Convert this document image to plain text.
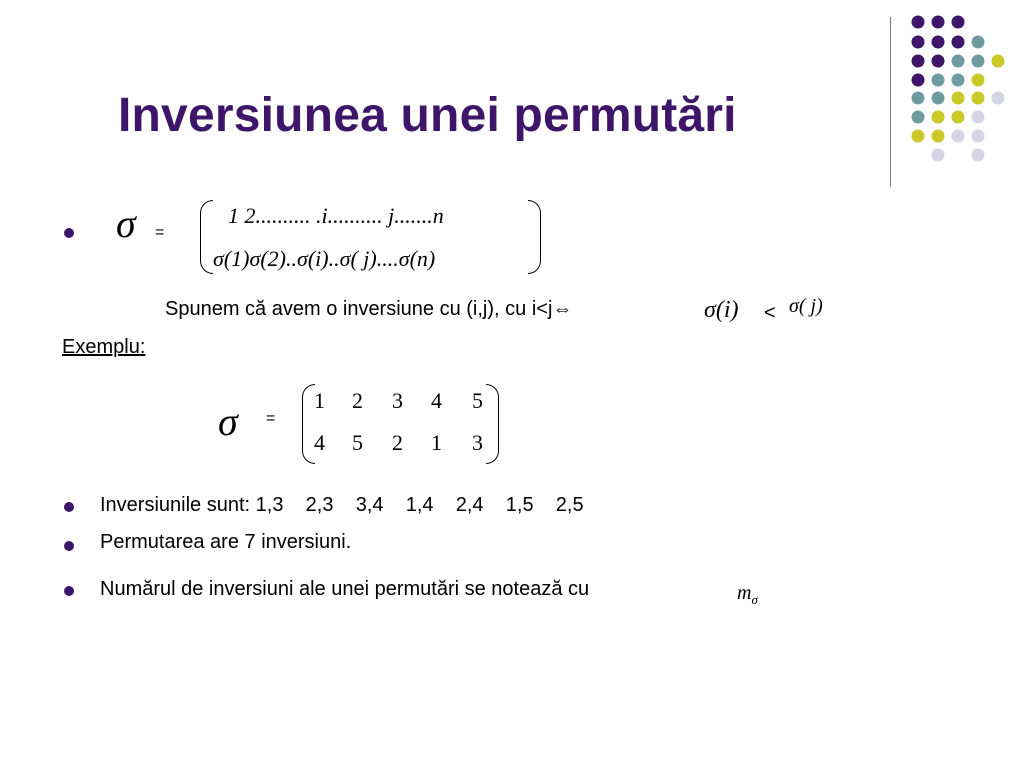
Inversiunea unei permutări
σ =
1 2.......... .i.......... j.......n
σ(1)σ(2)..σ(i)..σ( j)....σ(n)
Spunem că avem o inversiune cu (i,j), cu i<j⇔	σ(i) < σ( j)
Exemplu:
σ =
1 2 3 4 5
4 5 2 1 3
Inversiunile sunt: 1,3    2,3    3,4    1,4    2,4    1,5    2,5
Permutarea are 7 inversiuni.
Numărul de inversiuni ale unei permutări se notează cu	$m_\sigma$
